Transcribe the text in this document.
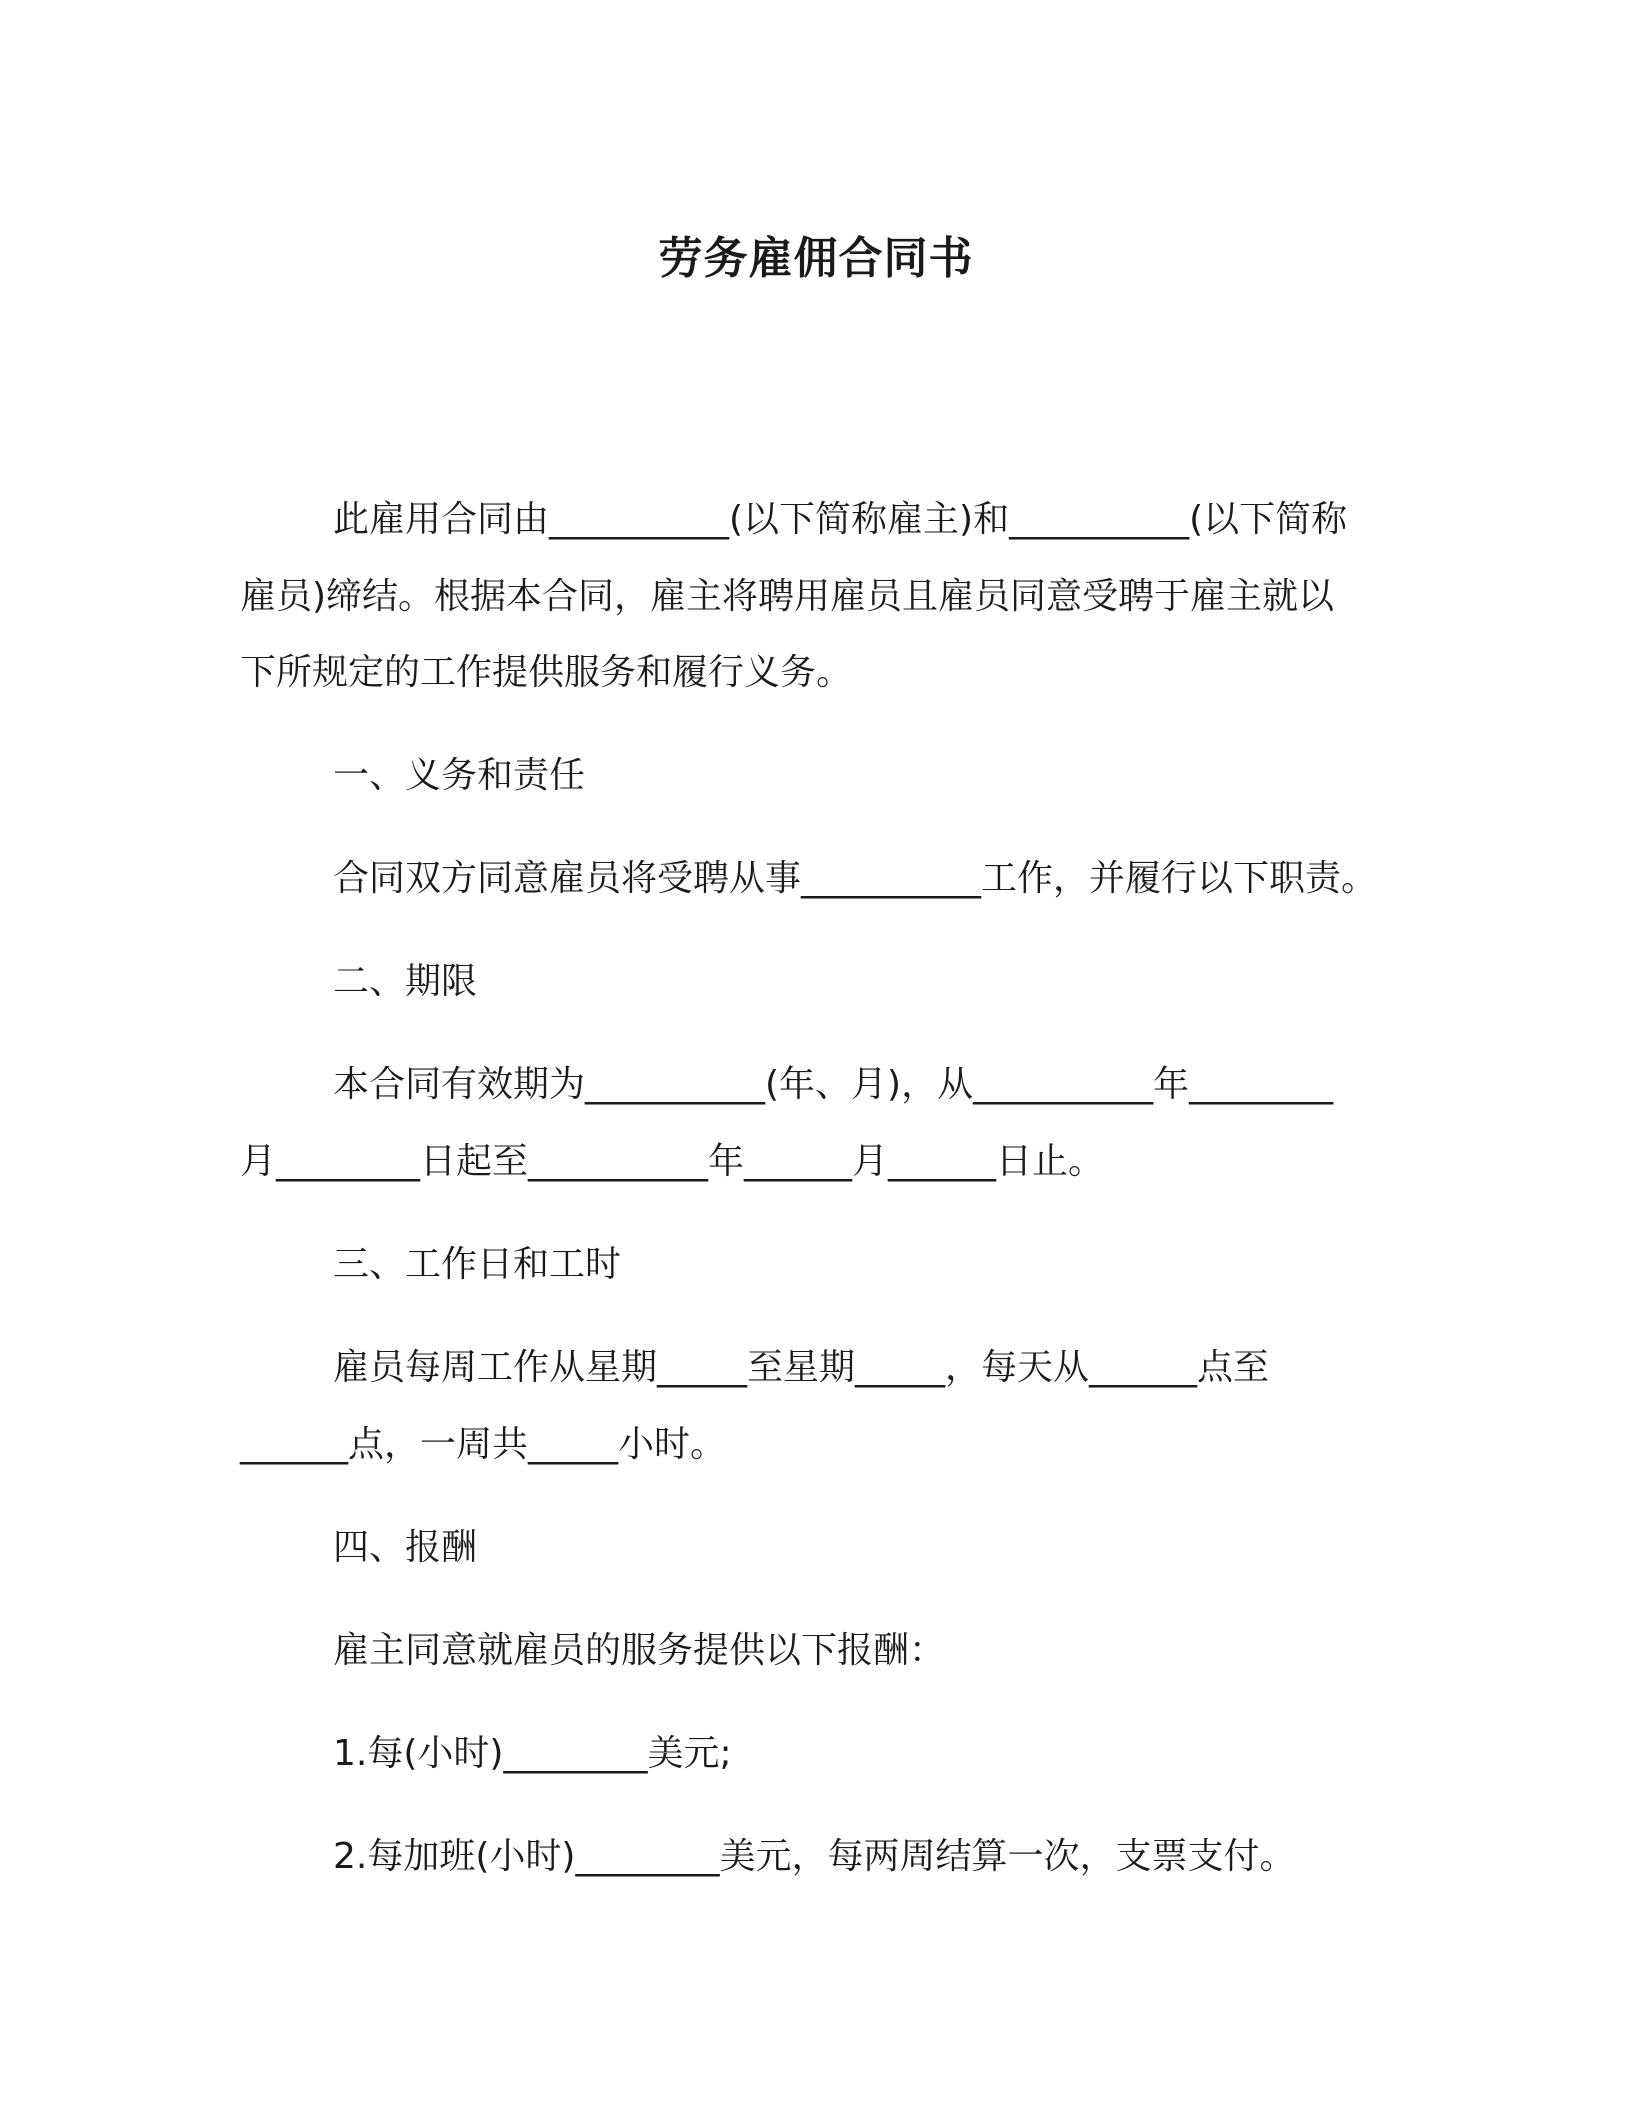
劳务雇佣合同书

此雇用合同由__________(以下简称雇主)和__________(以下简称

雇员)缔结。根据本合同，雇主将聘用雇员且雇员同意受聘于雇主就以

下所规定的工作提供服务和履行义务。

一、义务和责任

合同双方同意雇员将受聘从事__________工作，并履行以下职责。

二、期限

本合同有效期为__________(年、月)，从__________年________

月________日起至__________年______月______日止。

三、工作日和工时

雇员每周工作从星期_____至星期_____，每天从______点至

______点，一周共_____小时。

四、报酬

雇主同意就雇员的服务提供以下报酬：

1.每(小时)________美元;

2.每加班(小时)________美元，每两周结算一次，支票支付。
